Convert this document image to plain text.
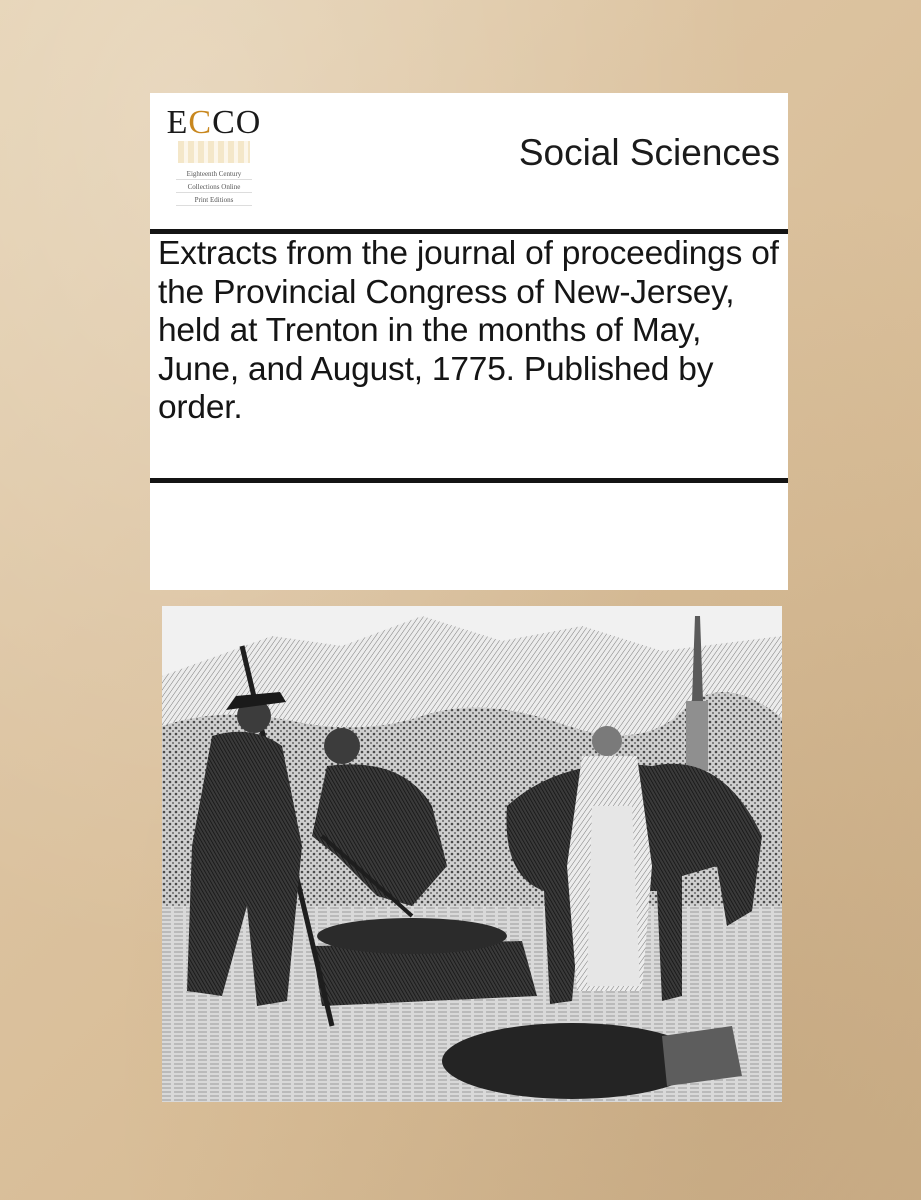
ECCO
Eighteenth Century
Collections Online
Print Editions
Social Sciences
Extracts from the journal of proceedings of the Provincial Congress of New-Jersey, held at Trenton in the months of May, June, and August, 1775. Published by order.
